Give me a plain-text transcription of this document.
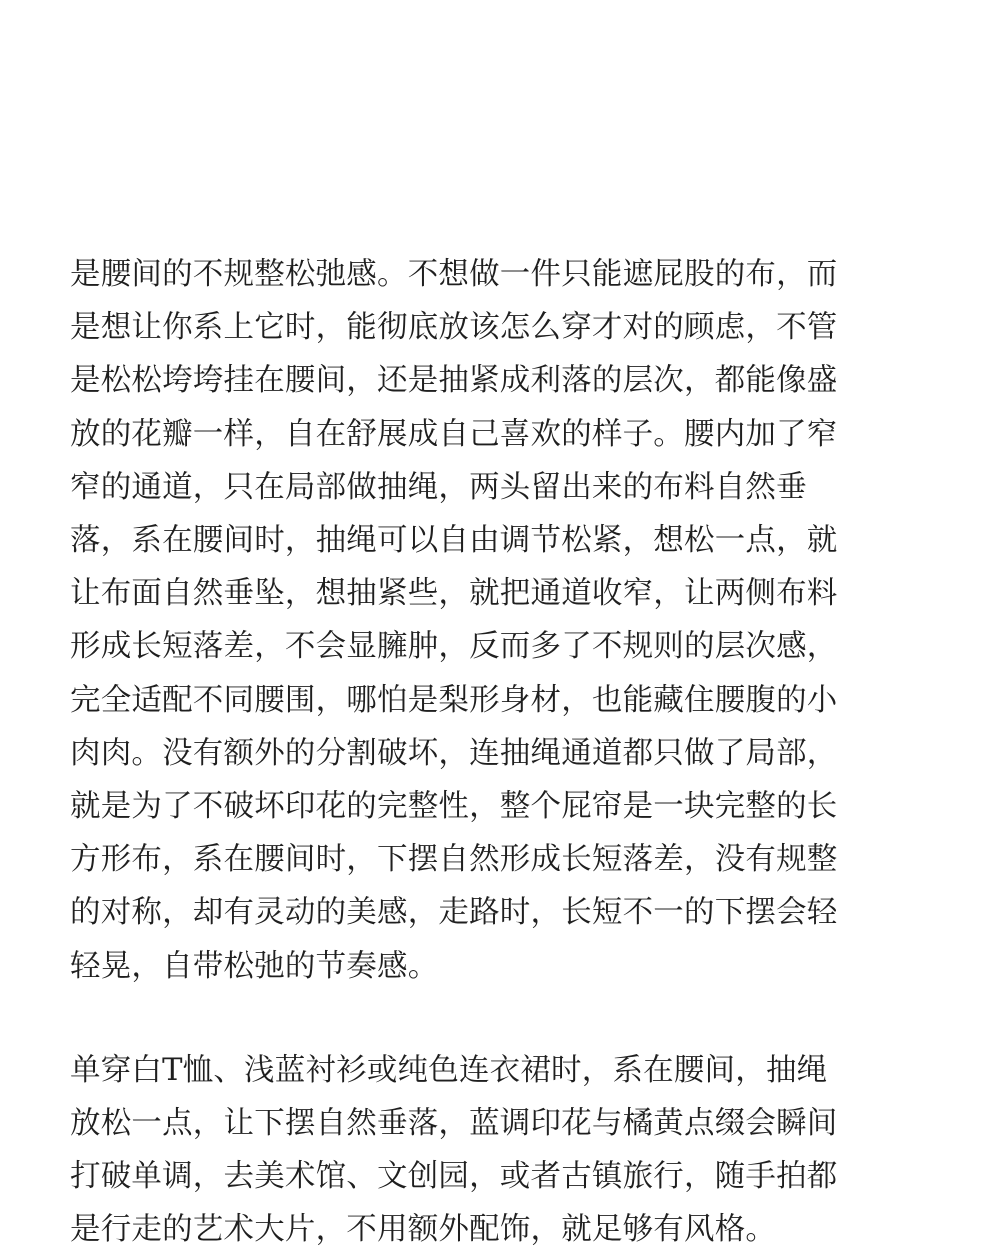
是腰间的不规整松弛感。不想做一件只能遮屁股的布，而
是想让你系上它时，能彻底放该怎么穿才对的顾虑，不管
是松松垮垮挂在腰间，还是抽紧成利落的层次，都能像盛
放的花瓣一样，自在舒展成自己喜欢的样子。腰内加了窄
窄的通道，只在局部做抽绳，两头留出来的布料自然垂
落，系在腰间时，抽绳可以自由调节松紧，想松一点，就
让布面自然垂坠，想抽紧些，就把通道收窄，让两侧布料
形成长短落差，不会显臃肿，反而多了不规则的层次感，
完全适配不同腰围，哪怕是梨形身材，也能藏住腰腹的小
肉肉。没有额外的分割破坏，连抽绳通道都只做了局部，
就是为了不破坏印花的完整性，整个屁帘是一块完整的长
方形布，系在腰间时，下摆自然形成长短落差，没有规整
的对称，却有灵动的美感，走路时，长短不一的下摆会轻
轻晃，自带松弛的节奏感。

单穿白T恤、浅蓝衬衫或纯色连衣裙时，系在腰间，抽绳
放松一点，让下摆自然垂落，蓝调印花与橘黄点缀会瞬间
打破单调，去美术馆、文创园，或者古镇旅行，随手拍都
是行走的艺术大片，不用额外配饰，就足够有风格。
